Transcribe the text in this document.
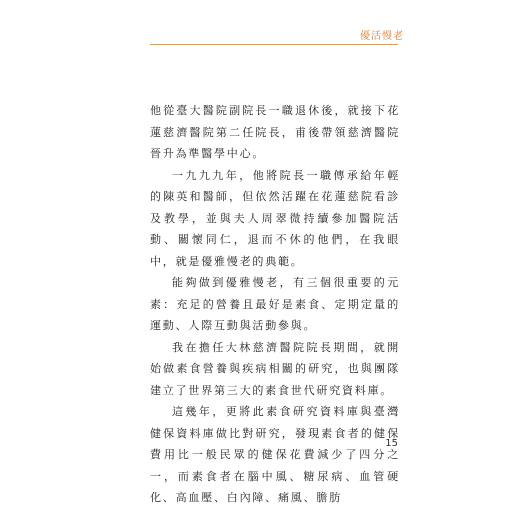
優活慢老

他從臺大醫院副院長一職退休後，就接下花蓮慈濟醫院第二任院長，甫後帶領慈濟醫院晉升為準醫學中心。

一九九九年，他將院長一職傳承給年輕的陳英和醫師，但依然活躍在花蓮慈院看診及教學，並與夫人周翠微持續參加醫院活動、關懷同仁，退而不休的他們，在我眼中，就是優雅慢老的典範。

能夠做到優雅慢老，有三個很重要的元素：充足的營養且最好是素食、定期定量的運動、人際互動與活動參與。

我在擔任大林慈濟醫院院長期間，就開始做素食營養與疾病相關的研究，也與團隊建立了世界第三大的素食世代研究資料庫。

這幾年，更將此素食研究資料庫與臺灣健保資料庫做比對研究，發現素食者的健保費用比一般民眾的健保花費減少了四分之一，而素食者在腦中風、糖尿病、血管硬化、高血壓、白內障、痛風、膽肪

15
